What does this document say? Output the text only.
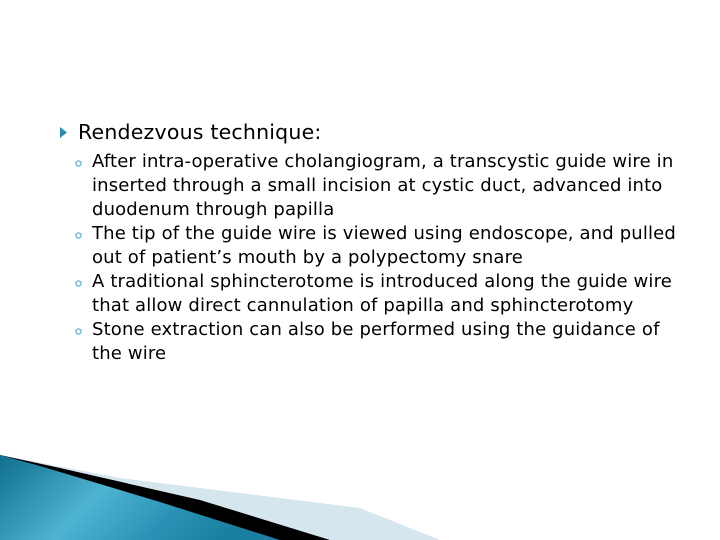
Rendezvous technique:
After intra-operative cholangiogram, a transcystic guide wire in inserted through a small incision at cystic duct, advanced into duodenum through papilla
The tip of the guide wire is viewed using endoscope, and pulled out of patient’s mouth by a polypectomy snare
A traditional sphincterotome is introduced along the guide wire that allow direct cannulation of papilla and sphincterotomy
Stone extraction can also be performed using the guidance of the wire
